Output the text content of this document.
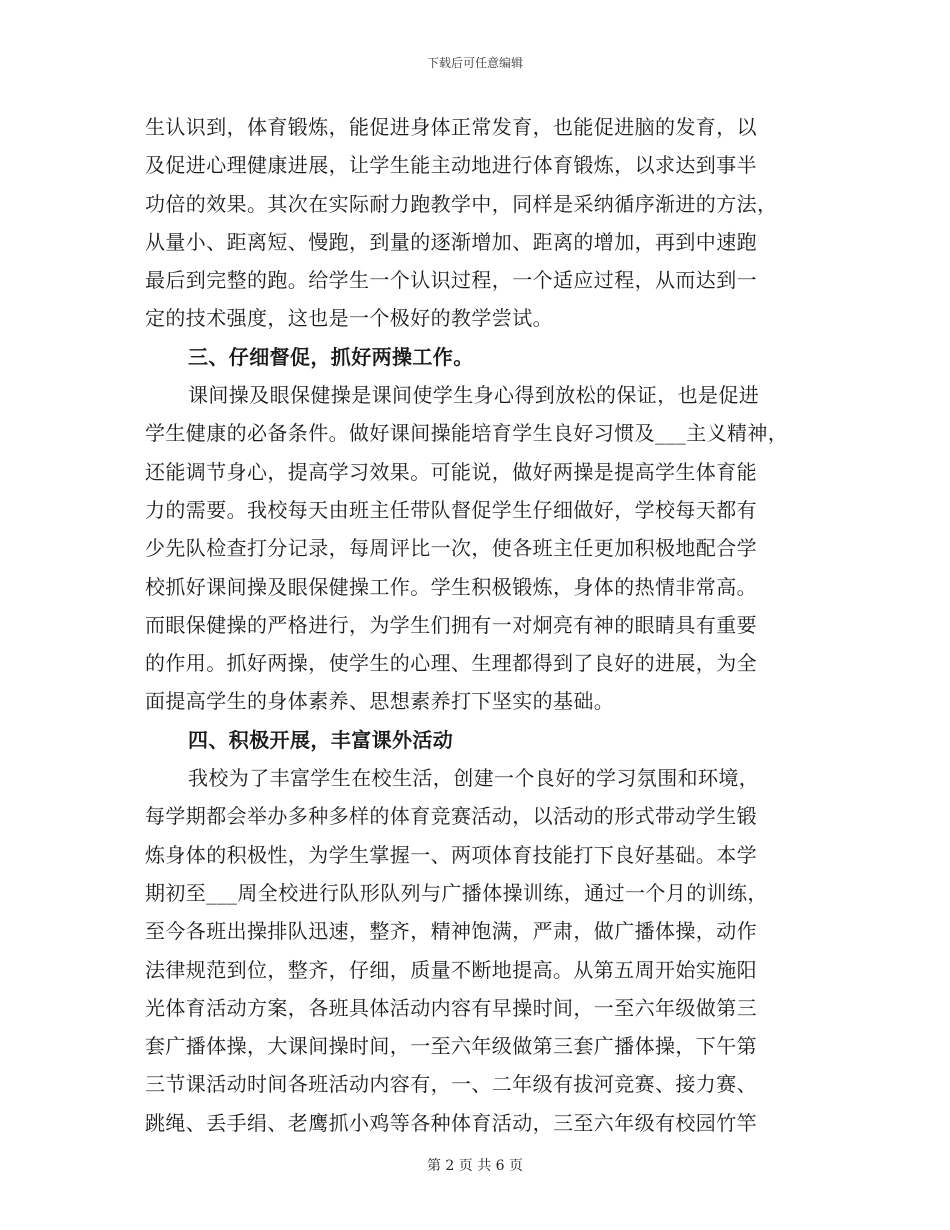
下载后可任意编辑
生认识到，体育锻炼，能促进身体正常发育，也能促进脑的发育，以
及促进心理健康进展，让学生能主动地进行体育锻炼，以求达到事半
功倍的效果。其次在实际耐力跑教学中，同样是采纳循序渐进的方法，
从量小、距离短、慢跑，到量的逐渐增加、距离的增加，再到中速跑
最后到完整的跑。给学生一个认识过程，一个适应过程，从而达到一
定的技术强度，这也是一个极好的教学尝试。
三、仔细督促，抓好两操工作。
课间操及眼保健操是课间使学生身心得到放松的保证，也是促进
学生健康的必备条件。做好课间操能培育学生良好习惯及___主义精神，
还能调节身心，提高学习效果。可能说，做好两操是提高学生体育能
力的需要。我校每天由班主任带队督促学生仔细做好，学校每天都有
少先队检查打分记录，每周评比一次，使各班主任更加积极地配合学
校抓好课间操及眼保健操工作。学生积极锻炼，身体的热情非常高。
而眼保健操的严格进行，为学生们拥有一对炯亮有神的眼睛具有重要
的作用。抓好两操，使学生的心理、生理都得到了良好的进展，为全
面提高学生的身体素养、思想素养打下坚实的基础。
四、积极开展，丰富课外活动
我校为了丰富学生在校生活，创建一个良好的学习氛围和环境，
每学期都会举办多种多样的体育竞赛活动，以活动的形式带动学生锻
炼身体的积极性，为学生掌握一、两项体育技能打下良好基础。本学
期初至___周全校进行队形队列与广播体操训练，通过一个月的训练，
至今各班出操排队迅速，整齐，精神饱满，严肃，做广播体操，动作
法律规范到位，整齐，仔细，质量不断地提高。从第五周开始实施阳
光体育活动方案，各班具体活动内容有早操时间，一至六年级做第三
套广播体操，大课间操时间，一至六年级做第三套广播体操，下午第
三节课活动时间各班活动内容有，一、二年级有拔河竞赛、接力赛、
跳绳、丢手绢、老鹰抓小鸡等各种体育活动，三至六年级有校园竹竿
第 2 页 共 6 页
